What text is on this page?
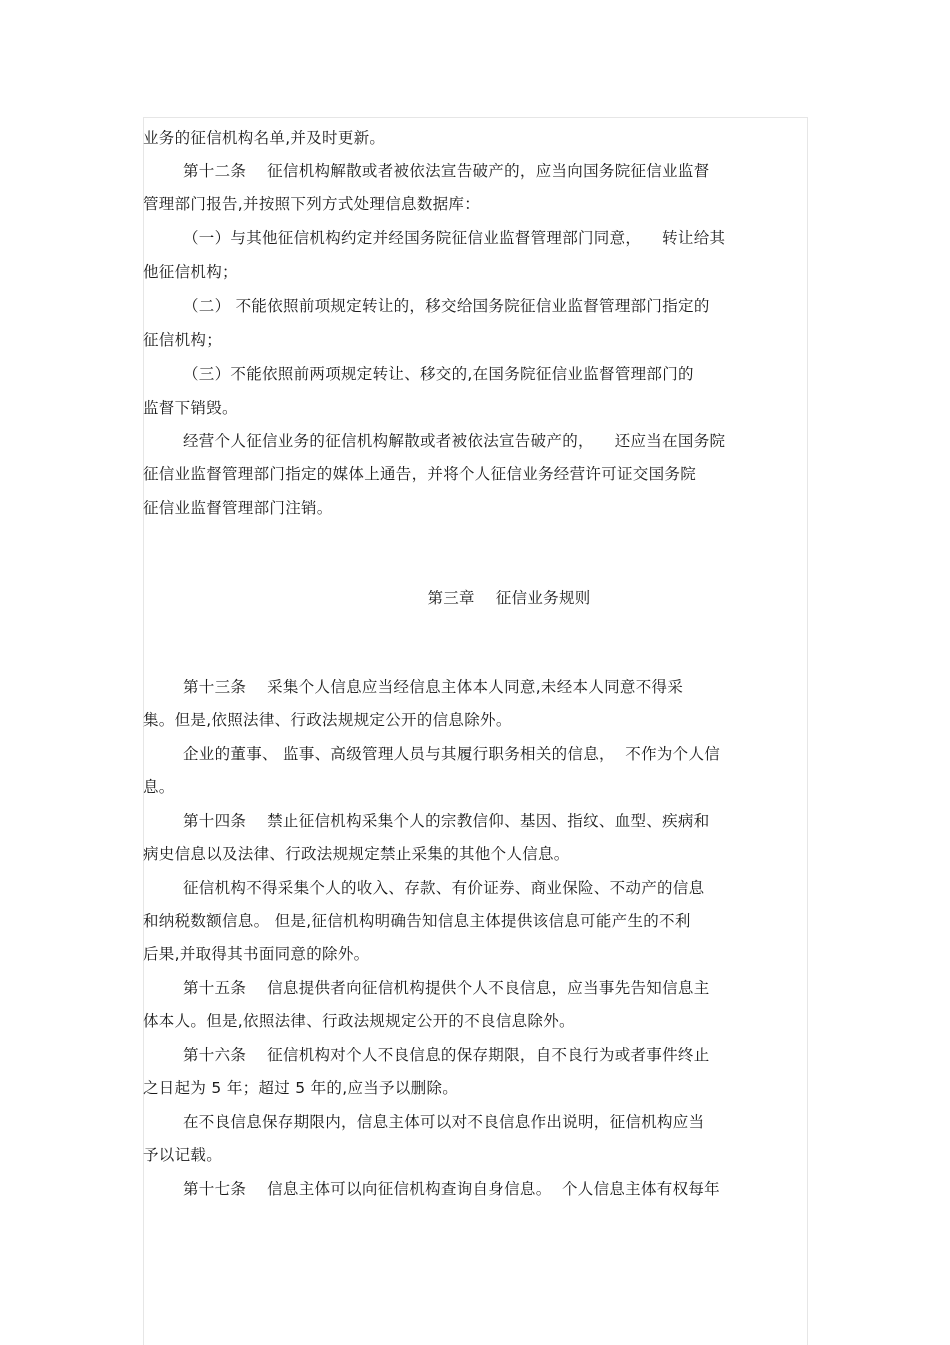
业务的征信机构名单,并及时更新。
第十二条    征信机构解散或者被依法宣告破产的，应当向国务院征信业监督
管理部门报告,并按照下列方式处理信息数据库：
（一）与其他征信机构约定并经国务院征信业监督管理部门同意，    转让给其
他征信机构；
（二） 不能依照前项规定转让的，移交给国务院征信业监督管理部门指定的
征信机构；
（三）不能依照前两项规定转让、移交的,在国务院征信业监督管理部门的
监督下销毁。
经营个人征信业务的征信机构解散或者被依法宣告破产的，    还应当在国务院
征信业监督管理部门指定的媒体上通告，并将个人征信业务经营许可证交国务院
征信业监督管理部门注销。
第三章    征信业务规则
第十三条    采集个人信息应当经信息主体本人同意,未经本人同意不得采
集。但是,依照法律、行政法规规定公开的信息除外。
企业的董事、 监事、高级管理人员与其履行职务相关的信息，  不作为个人信
息。
第十四条    禁止征信机构采集个人的宗教信仰、基因、指纹、血型、疾病和
病史信息以及法律、行政法规规定禁止采集的其他个人信息。
征信机构不得采集个人的收入、存款、有价证券、商业保险、不动产的信息
和纳税数额信息。 但是,征信机构明确告知信息主体提供该信息可能产生的不利
后果,并取得其书面同意的除外。
第十五条    信息提供者向征信机构提供个人不良信息，应当事先告知信息主
体本人。但是,依照法律、行政法规规定公开的不良信息除外。
第十六条    征信机构对个人不良信息的保存期限，自不良行为或者事件终止
之日起为 5 年；超过 5 年的,应当予以删除。
在不良信息保存期限内，信息主体可以对不良信息作出说明，征信机构应当
予以记载。
第十七条    信息主体可以向征信机构查询自身信息。  个人信息主体有权每年
